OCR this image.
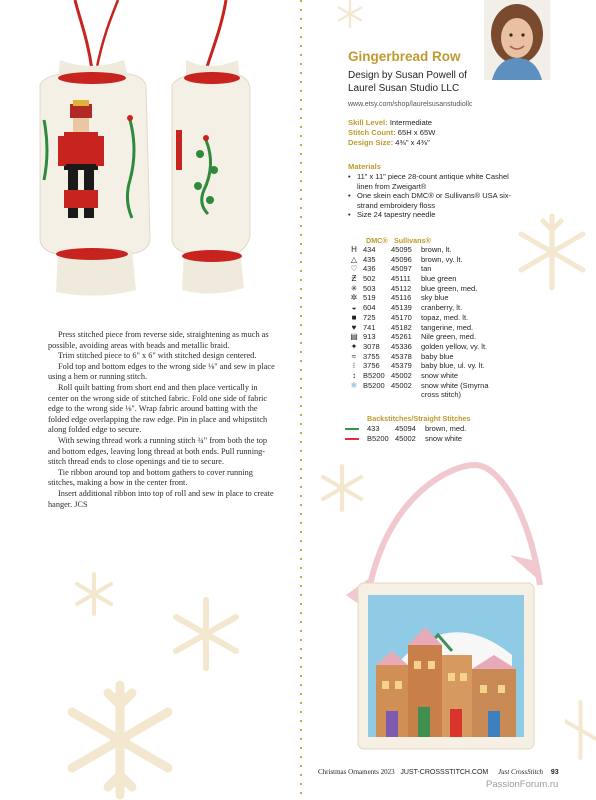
Press stitched piece from reverse side, straightening as much as possible, avoiding areas with beads and metallic braid.

Trim stitched piece to 6" x 6" with stitched design centered.

Fold top and bottom edges to the wrong side ⅛" and sew in place using a hem or running stitch.

Roll quilt batting from short end and then place vertically in center on the wrong side of stitched fabric. Fold one side of fabric edge to the wrong side ⅛". Wrap fabric around batting with the folded edge overlapping the raw edge. Pin in place and whipstitch along folded edge to secure.

With sewing thread work a running stitch ¾" from both the top and bottom edges, leaving long thread at both ends. Pull running-stitch thread ends to close openings and tie to secure.

Tie ribbon around top and bottom gathers to cover running stitches, making a bow in the center front.

Insert additional ribbon into top of roll and sew in place to create hanger. JCS

Gingerbread Row
Design by Susan Powell of
Laurel Susan Studio LLC
www.etsy.com/shop/laurelsusanstudiollc
Skill Level: Intermediate
Stitch Count: 65H x 65W
Design Size: 4⅜" x 4⅜"
Materials
• 11" x 11" piece 28-count antique white Cashel linen from Zweigart®
• One skein each DMC® or Sullivans® USA six-strand embroidery floss
• Size 24 tapestry needle
DMC® Sullivans®
H 434	45095	brown, lt.
△ 435	45096	brown, vy. lt.
♡ 436	45097	tan
Ƶ 502	45111	blue green
✳ 503	45112	blue green, med.
✲ 519	45116	sky blue
◒ 604	45139	cranberry, lt.
■ 725	45170	topaz, med. lt.
♥ 741	45182	tangerine, med.
▤ 913	45261	Nile green, med.
✦ 3078	45336	golden yellow, vy. lt.
≈ 3755	45378	baby blue
⁝	3756	45379	baby blue, ul. vy. lt.
↕ B5200 45002	snow white
❄ B5200 45002	snow white (Smyrna
cross stitch)
Backstitches/Straight Stitches
433	45094	brown, med.
B5200 45002	snow white
Christmas Ornaments 2023 JUST-CROSSSTITCH.COM Just CrossStitch 93
PassionForum.ru
